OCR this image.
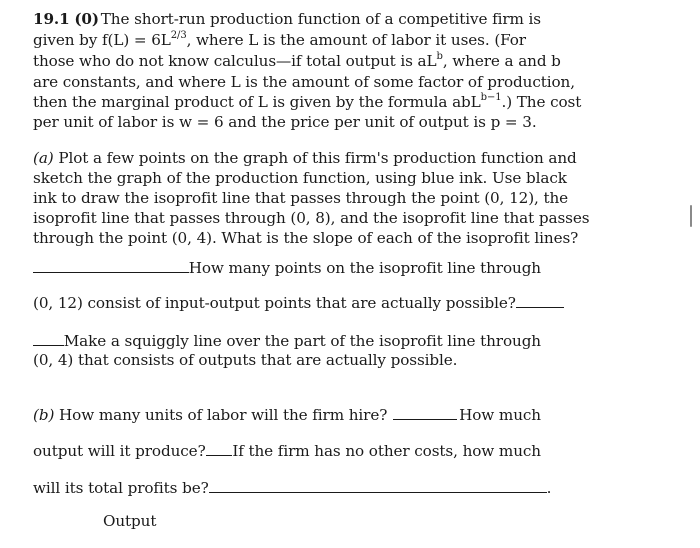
19.1 (0) The short-run production function of a competitive firm is
given by $f(L) = 6L^{2/3}$, where L is the amount of labor it uses. (For
those who do not know calculus—if total output is $aL^b$, where a and b
are constants, and where L is the amount of some factor of production,
then the marginal product of L is given by the formula abL$^{b-1}$.) The cost
per unit of labor is w = 6 and the price per unit of output is p = 3.
(a) Plot a few points on the graph of this firm's production function and
sketch the graph of the production function, using blue ink. Use black
ink to draw the isoprofit line that passes through the point (0, 12), the
isoprofit line that passes through (0, 8), and the isoprofit line that passes
through the point (0, 4). What is the slope of each of the isoprofit lines?
How many points on the isoprofit line through
(0, 12) consist of input-output points that are actually possible?
Make a squiggly line over the part of the isoprofit line through
(0, 4) that consists of outputs that are actually possible.
(b) How many units of labor will the firm hire?	How much
output will it produce? If the firm has no other costs, how much
will its total profits be?	.
Output
